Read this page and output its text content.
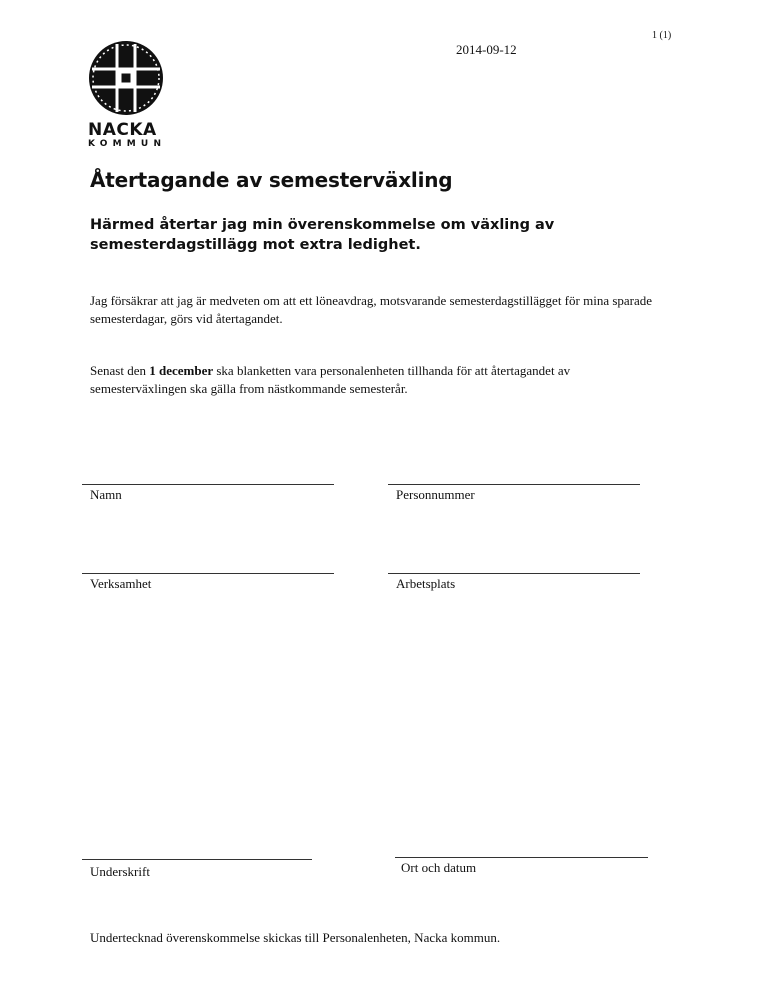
1 (1)
2014-09-12
NACKA
KOMMUN
Återtagande av semesterväxling

Härmed återtar jag min överenskommelse om växling av semesterdagstillägg mot extra ledighet.

Jag försäkrar att jag är medveten om att ett löneavdrag, motsvarande semesterdagstillägget för mina sparade semesterdagar, görs vid återtagandet.

Senast den 1 december ska blanketten vara personalenheten tillhanda för att återtagandet av semesterväxlingen ska gälla from nästkommande semesterår.

Namn	Personnummer
Verksamhet	Arbetsplats
Underskrift	Ort och datum
Undertecknad överenskommelse skickas till Personalenheten, Nacka kommun.
